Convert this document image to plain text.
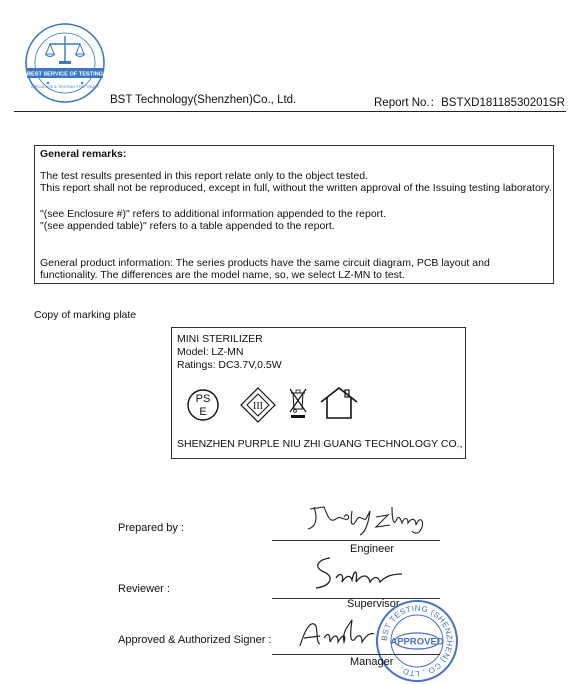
BEST SERVICE OF TESTING
CIRCULATE & TESTING FOR TRUST
BST Technology(Shenzhen)Co., Ltd.	Report No.：BSTXD18118530201SR
General remarks:
The test results presented in this report relate only to the object tested.
This report shall not be reproduced, except in full, without the written approval of the Issuing testing laboratory.
"(see Enclosure #)" refers to additional information appended to the report.
"(see appended table)" refers to a table appended to the report.
General product information: The series products have the same circuit diagram, PCB layout and
functionality. The differences are the model name, so, we select LZ-MN to test.
Copy of marking plate
MINI STERILIZER
Model: LZ-MN
Ratings: DC3.7V,0.5W
PS
E	III
SHENZHEN PURPLE NIU ZHI GUANG TECHNOLOGY CO.,
Prepared by :
Engineer
Reviewer :
Supervisor
Approved & Authorized Signer :	BST TESTING (SHENZHEN) CO., LTD.
APPROVED
Manager
